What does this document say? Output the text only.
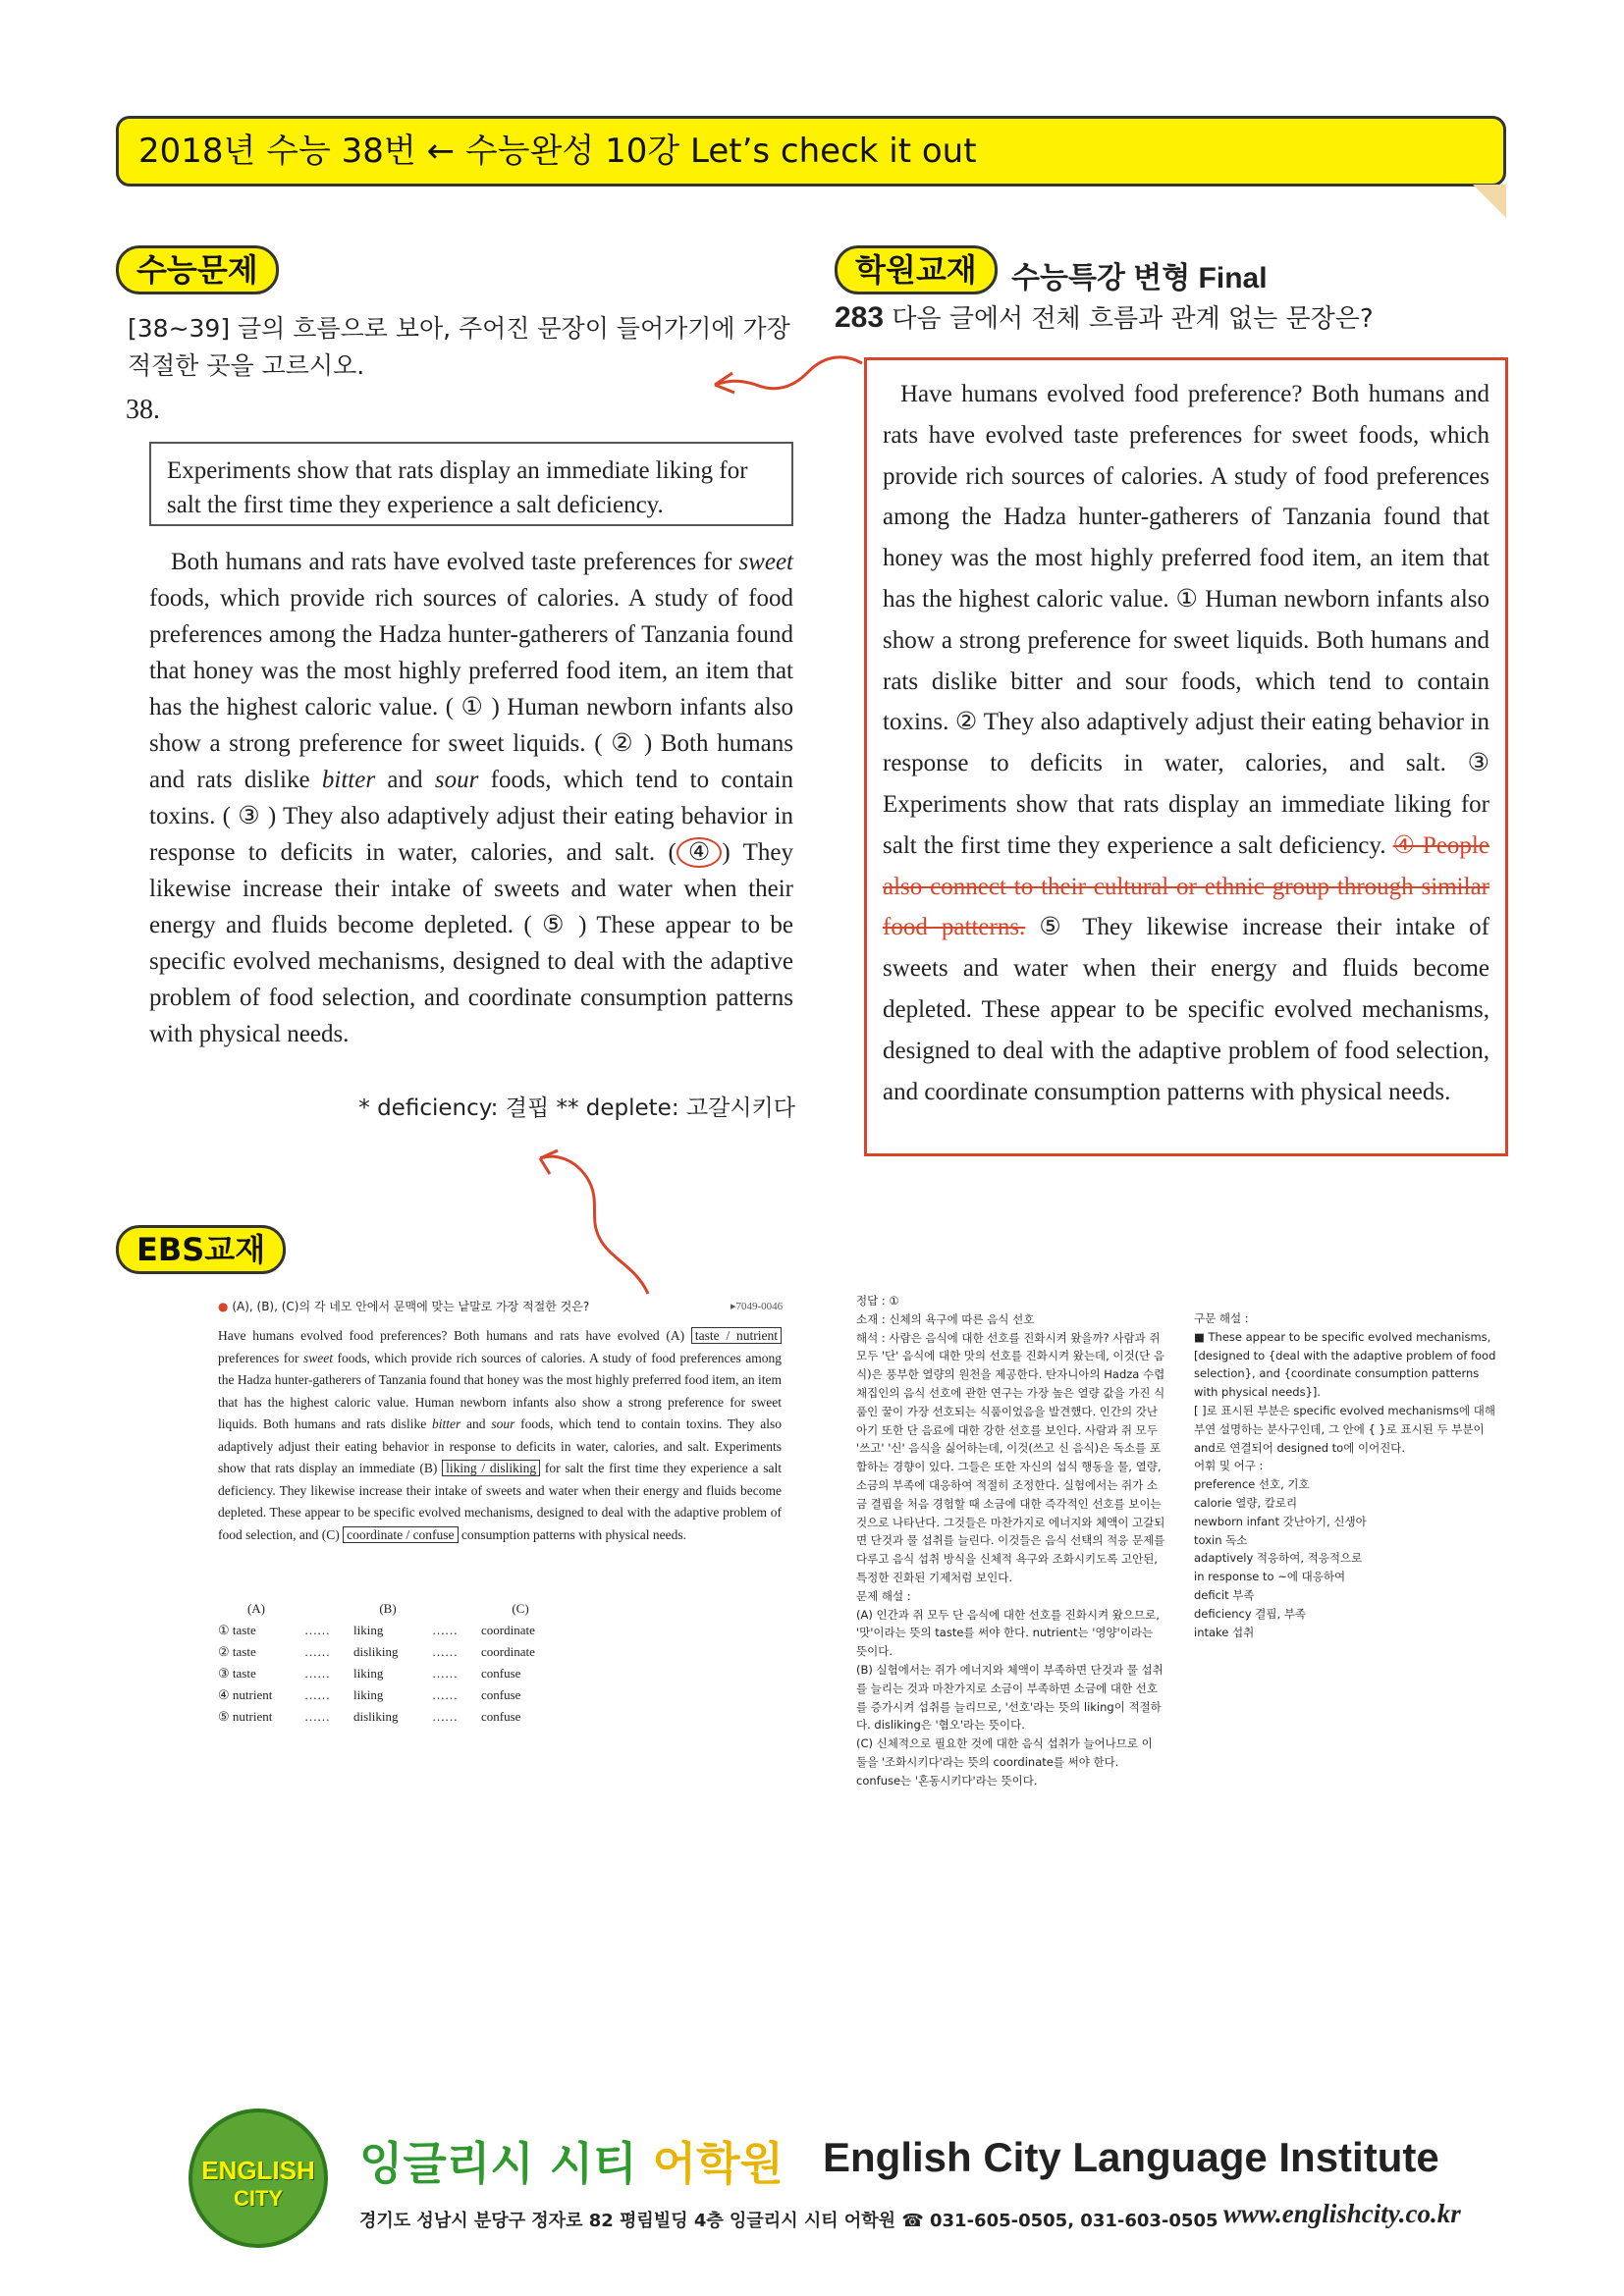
2018년 수능 38번 ← 수능완성 10강 Let’s check it out
수능문제
[38~39] 글의 흐름으로 보아, 주어진 문장이 들어가기에 가장 적절한 곳을 고르시오.
38.
Experiments show that rats display an immediate liking for salt the first time they experience a salt deficiency.
Both humans and rats have evolved taste preferences for sweet foods, which provide rich sources of calories. A study of food preferences among the Hadza hunter-gatherers of Tanzania found that honey was the most highly preferred food item, an item that has the highest caloric value. ( ① ) Human newborn infants also show a strong preference for sweet liquids. ( ② ) Both humans and rats dislike bitter and sour foods, which tend to contain toxins. ( ③ ) They also adaptively adjust their eating behavior in response to deficits in water, calories, and salt. ( ④ ) They likewise increase their intake of sweets and water when their energy and fluids become depleted. ( ⑤ ) These appear to be specific evolved mechanisms, designed to deal with the adaptive problem of food selection, and coordinate consumption patterns with physical needs.
* deficiency: 결핍 ** deplete: 고갈시키다
학원교재	수능특강 변형 Final
283 다음 글에서 전체 흐름과 관계 없는 문장은?
Have humans evolved food preference? Both humans and rats have evolved taste preferences for sweet foods, which provide rich sources of calories. A study of food preferences among the Hadza hunter-gatherers of Tanzania found that honey was the most highly preferred food item, an item that has the highest caloric value. ① Human newborn infants also show a strong preference for sweet liquids. Both humans and rats dislike bitter and sour foods, which tend to contain toxins. ② They also adaptively adjust their eating behavior in response to deficits in water, calories, and salt. ③ Experiments show that rats display an immediate liking for salt the first time they experience a salt deficiency. ④ People also connect to their cultural or ethnic group through similar food patterns. ⑤ They likewise increase their intake of sweets and water when their energy and fluids become depleted. These appear to be specific evolved mechanisms, designed to deal with the adaptive problem of food selection, and coordinate consumption patterns with physical needs.
EBS교재
● (A), (B), (C)의 각 네모 안에서 문맥에 맞는 낱말로 가장 적절한 것은?	▸7049-0046
Have humans evolved food preferences? Both humans and rats have evolved (A) taste / nutrient preferences for sweet foods, which provide rich sources of calories. A study of food preferences among the Hadza hunter-gatherers of Tanzania found that honey was the most highly preferred food item, an item that has the highest caloric value. Human newborn infants also show a strong preference for sweet liquids. Both humans and rats dislike bitter and sour foods, which tend to contain toxins. They also adaptively adjust their eating behavior in response to deficits in water, calories, and salt. Experiments show that rats display an immediate (B) liking / disliking for salt the first time they experience a salt deficiency. They likewise increase their intake of sweets and water when their energy and fluids become depleted. These appear to be specific evolved mechanisms, designed to deal with the adaptive problem of food selection, and (C) coordinate / confuse consumption patterns with physical needs.
(A)		(B)		(C)
① taste	……	liking	……	coordinate
② taste	……	disliking	……	coordinate
③ taste	……	liking	……	confuse
④ nutrient	……	liking	……	confuse
⑤ nutrient	……	disliking	……	confuse
정답 : ①
소재 : 신체의 욕구에 따른 음식 선호
해석 : 사람은 음식에 대한 선호를 진화시켜 왔을까? 사람과 쥐 모두 '단' 음식에 대한 맛의 선호를 진화시켜 왔는데, 이것(단 음식)은 풍부한 열량의 원천을 제공한다. 탄자니아의 Hadza 수렵 채집인의 음식 선호에 관한 연구는 가장 높은 열량 값을 가진 식품인 꿀이 가장 선호되는 식품이었음을 발견했다. 인간의 갓난아기 또한 단 음료에 대한 강한 선호를 보인다. 사람과 쥐 모두 '쓰고' '신' 음식을 싫어하는데, 이것(쓰고 신 음식)은 독소를 포함하는 경향이 있다. 그들은 또한 자신의 섭식 행동을 물, 열량, 소금의 부족에 대응하여 적절히 조정한다. 실험에서는 쥐가 소금 결핍을 처음 경험할 때 소금에 대한 즉각적인 선호를 보이는 것으로 나타난다. 그것들은 마찬가지로 에너지와 체액이 고갈되면 단것과 물 섭취를 늘린다. 이것들은 음식 선택의 적응 문제를 다루고 음식 섭취 방식을 신체적 욕구와 조화시키도록 고안된, 특정한 진화된 기제처럼 보인다.
문제 해설 :
(A) 인간과 쥐 모두 단 음식에 대한 선호를 진화시켜 왔으므로, '맛'이라는 뜻의 taste를 써야 한다. nutrient는 '영양'이라는 뜻이다.
(B) 실험에서는 쥐가 에너지와 체액이 부족하면 단것과 물 섭취를 늘리는 것과 마찬가지로 소금이 부족하면 소금에 대한 선호를 증가시켜 섭취를 늘리므로, '선호'라는 뜻의 liking이 적절하다. disliking은 '혐오'라는 뜻이다.
(C) 신체적으로 필요한 것에 대한 음식 섭취가 늘어나므로 이 둘을 '조화시키다'라는 뜻의 coordinate를 써야 한다. confuse는 '혼동시키다'라는 뜻이다.
구문 해설 :
■ These appear to be specific evolved mechanisms, [designed to {deal with the adaptive problem of food selection}, and {coordinate consumption patterns with physical needs}].
[ ]로 표시된 부분은 specific evolved mechanisms에 대해 부연 설명하는 분사구인데, 그 안에 { }로 표시된 두 부분이 and로 연결되어 designed to에 이어진다.
어휘 및 어구 :
preference 선호, 기호
calorie 열량, 칼로리
newborn infant 갓난아기, 신생아
toxin 독소
adaptively 적응하여, 적응적으로
in response to ~에 대응하여
deficit 부족
deficiency 결핍, 부족
intake 섭취
ENGLISH
CITY
잉글리시 시티 어학원 English City Language Institute
경기도 성남시 분당구 정자로 82 평림빌딩 4층 잉글리시 시티 어학원 ☎ 031-605-0505, 031-603-0505 www.englishcity.co.kr
